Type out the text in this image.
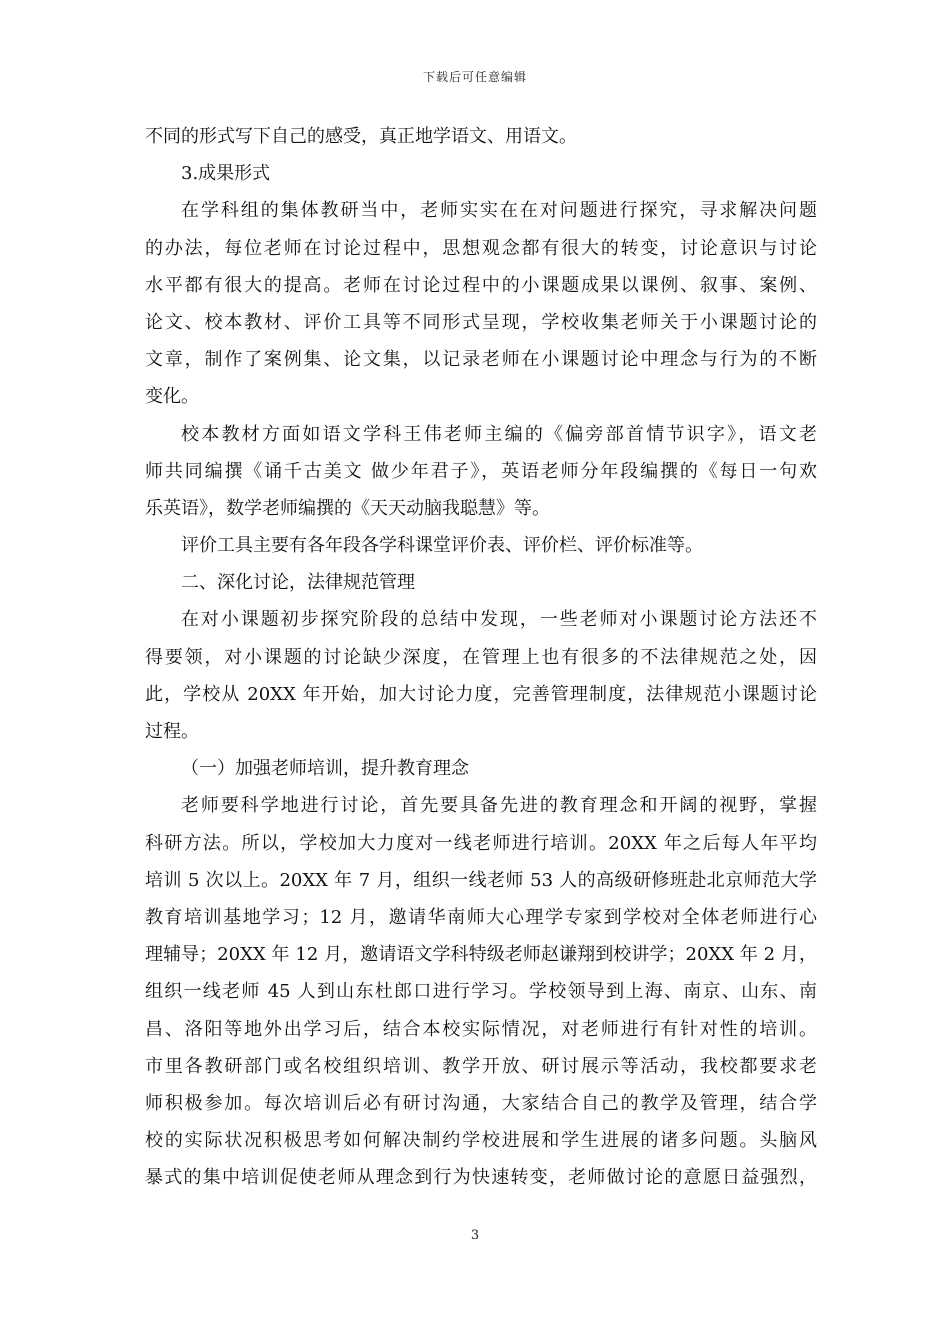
下载后可任意编辑
不同的形式写下自己的感受，真正地学语文、用语文。
3.成果形式
在学科组的集体教研当中，老师实实在在对问题进行探究，寻求解决问题
的办法，每位老师在讨论过程中，思想观念都有很大的转变，讨论意识与讨论
水平都有很大的提高。老师在讨论过程中的小课题成果以课例、叙事、案例、
论文、校本教材、评价工具等不同形式呈现，学校收集老师关于小课题讨论的
文章，制作了案例集、论文集，以记录老师在小课题讨论中理念与行为的不断
变化。
校本教材方面如语文学科王伟老师主编的《偏旁部首情节识字》，语文老
师共同编撰《诵千古美文 做少年君子》，英语老师分年段编撰的《每日一句欢
乐英语》，数学老师编撰的《天天动脑我聪慧》等。
评价工具主要有各年段各学科课堂评价表、评价栏、评价标准等。
二、深化讨论，法律规范管理
在对小课题初步探究阶段的总结中发现，一些老师对小课题讨论方法还不
得要领，对小课题的讨论缺少深度，在管理上也有很多的不法律规范之处，因
此，学校从 20XX 年开始，加大讨论力度，完善管理制度，法律规范小课题讨论
过程。
（一）加强老师培训，提升教育理念
老师要科学地进行讨论，首先要具备先进的教育理念和开阔的视野，掌握
科研方法。所以，学校加大力度对一线老师进行培训。20XX 年之后每人年平均
培训 5 次以上。20XX 年 7 月，组织一线老师 53 人的高级研修班赴北京师范大学
教育培训基地学习；12 月，邀请华南师大心理学专家到学校对全体老师进行心
理辅导；20XX 年 12 月，邀请语文学科特级老师赵谦翔到校讲学；20XX 年 2 月，
组织一线老师 45 人到山东杜郎口进行学习。学校领导到上海、南京、山东、南
昌、洛阳等地外出学习后，结合本校实际情况，对老师进行有针对性的培训。
市里各教研部门或名校组织培训、教学开放、研讨展示等活动，我校都要求老
师积极参加。每次培训后必有研讨沟通，大家结合自己的教学及管理，结合学
校的实际状况积极思考如何解决制约学校进展和学生进展的诸多问题。头脑风
暴式的集中培训促使老师从理念到行为快速转变，老师做讨论的意愿日益强烈，
3
